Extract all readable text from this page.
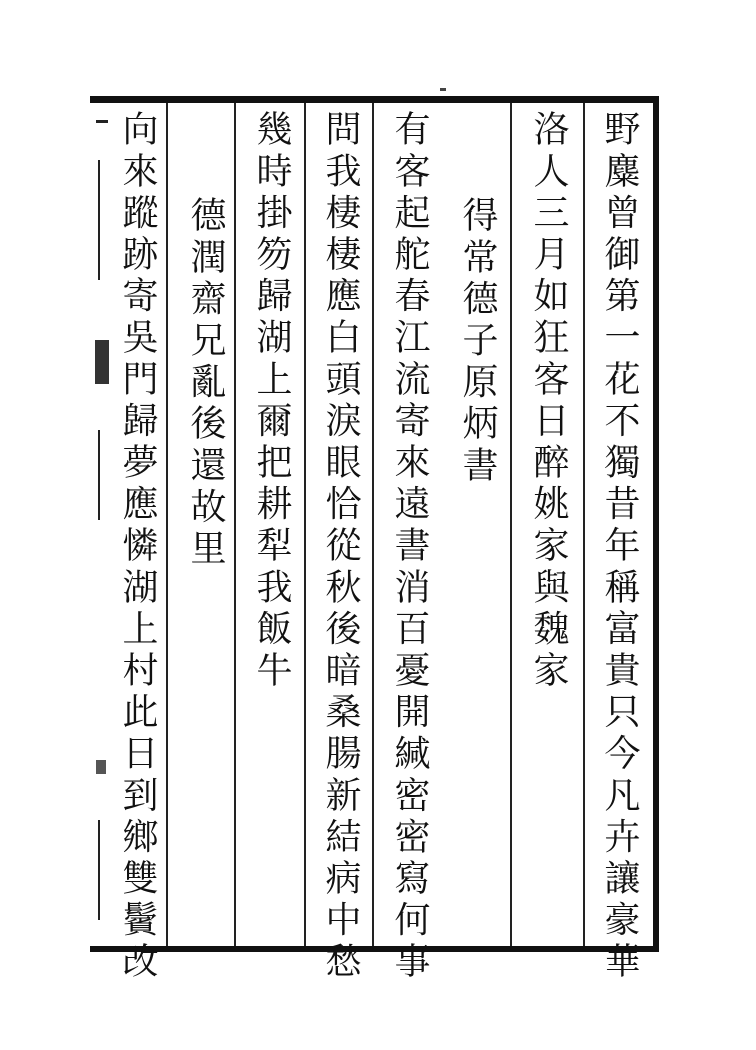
野麋曾御第一花不獨昔年稱富貴只今凡卉讓豪華
洛人三月如狂客日醉姚家與魏家
得常德子原炳書
有客起舵春江流寄來遠書消百憂開緘密密寫何事
問我棲棲應白頭淚眼恰從秋後暗桑腸新結病中愁
幾時掛笏歸湖上爾把耕犁我飯牛
德潤齋兄亂後還故里
向來蹤跡寄吳門歸夢應憐湖上村此日到鄉雙鬢改
